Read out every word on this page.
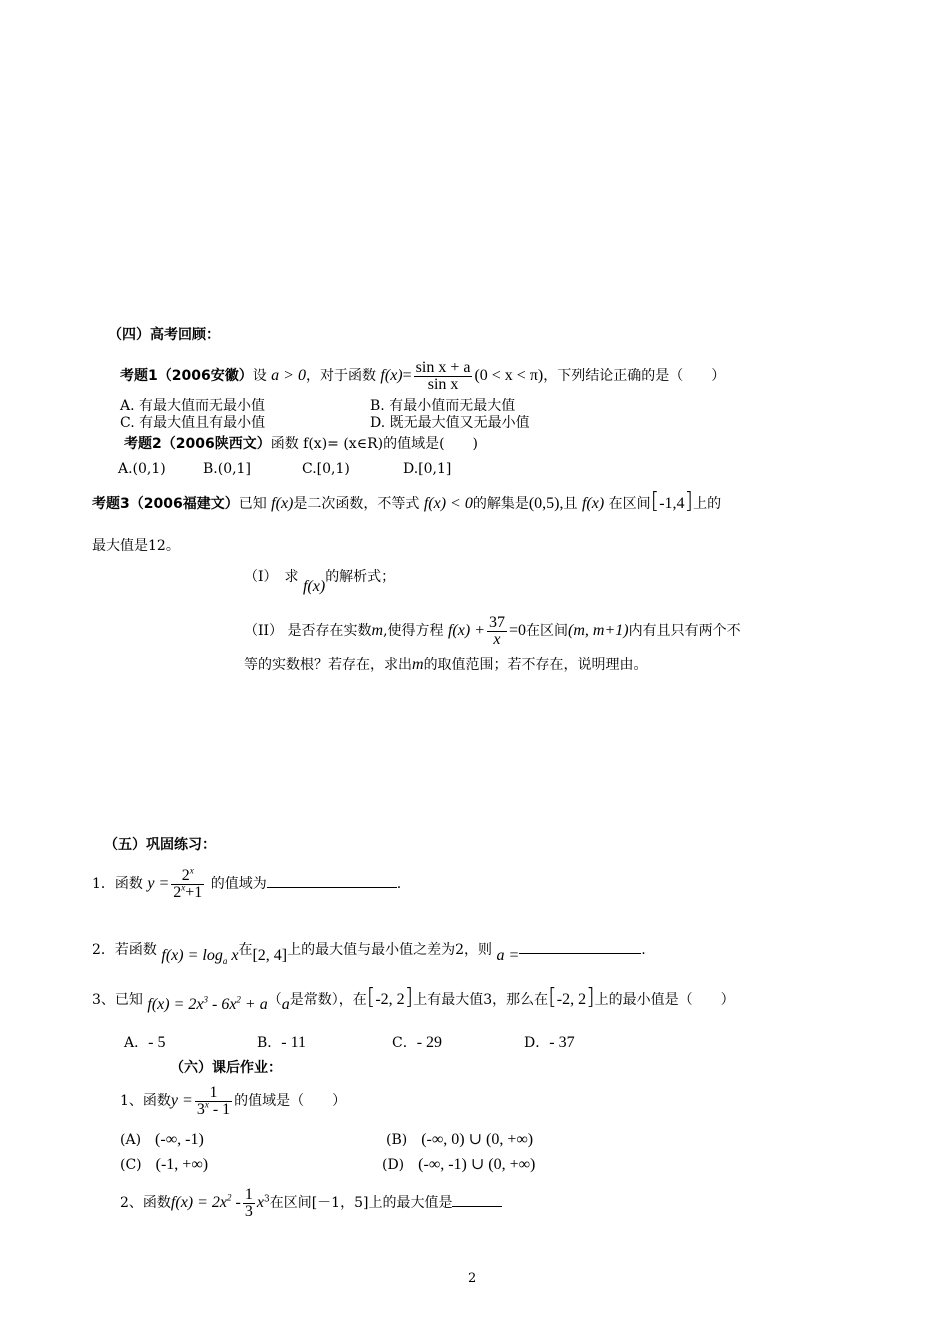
（四）高考回顾：
考题1（2006安徽）设 a > 0，对于函数 $f(x)= \frac{\text{sin x + a}}{\text{sin x}} (0 < x < \pi)$，下列结论正确的是（　　）
A. 有最大值而无最小值	B. 有最小值而无最大值
C. 有最大值且有最小值	D. 既无最大值又无最小值
考题2（2006陕西文）函数 f(x)= (x∈R)的值域是(　　)
A.(0,1)	B.(0,1]	C.[0,1)	D.[0,1]
考题3（2006福建文）已知 f(x)是二次函数，不等式 f(x) < 0的解集是(0,5),且 f(x) 在区间[-1,4]上的
最大值是12。
（I）　 求 f(x)的解析式；
（II） 是否存在实数m,使得方程 $f(x) + \frac{37}{x} =0$在区间(m, m+1)内有且只有两个不
等的实数根？若存在，求出m的取值范围；若不存在，说明理由。
（五）巩固练习：
1．函数 $y = \frac{2^x}{2^x+1}$ 的值域为	.
2．若函数 $f(x) = \log_a x$在[2, 4]上的最大值与最小值之差为2，则 a =	.
3、已知 $f(x) = 2x^3 - 6x^2 + a(a$是常数），在[-2, 2]上有最大值3，那么在[-2, 2]上的最小值是（　　）
A．- 5	B．- 11	C．- 29	D．- 37
（六）课后作业：
1、函数$y = \frac{1}{3^x - 1}$ 的值域是（　　）
(A)　 (-∞, -1)	(B)　 (-∞, 0) ∪ (0, +∞)
(C)　 (-1, +∞)	(D)　 (-∞, -1) ∪ (0, +∞)
2、函数$f(x) = 2x^2 - \frac{1}{3} x^3$在区间[－1，5]上的最大值是
2
